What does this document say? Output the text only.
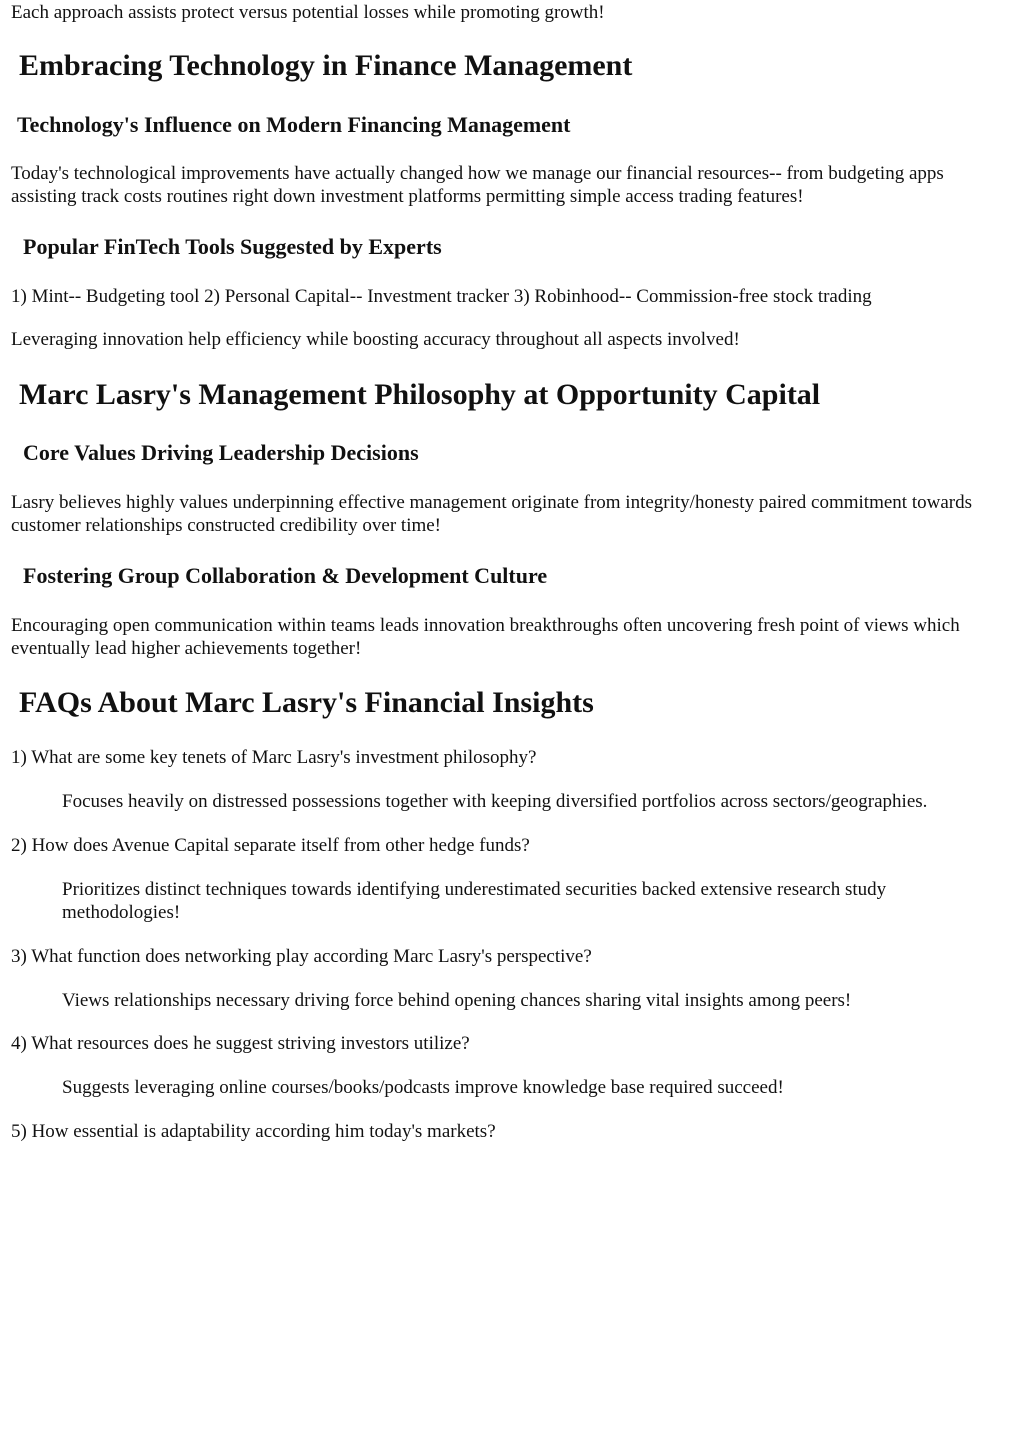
Each approach assists protect versus potential losses while promoting growth!

Embracing Technology in Finance Management
Technology's Influence on Modern Financing Management

Today's technological improvements have actually changed how we manage our financial resources-- from budgeting apps assisting track costs routines right down investment platforms permitting simple access trading features!

Popular FinTech Tools Suggested by Experts

1) Mint-- Budgeting tool 2) Personal Capital-- Investment tracker 3) Robinhood-- Commission-free stock trading

Leveraging innovation help efficiency while boosting accuracy throughout all aspects involved!

Marc Lasry's Management Philosophy at Opportunity Capital
Core Values Driving Leadership Decisions

Lasry believes highly values underpinning effective management originate from integrity/honesty paired commitment towards customer relationships constructed credibility over time!

Fostering Group Collaboration & Development Culture

Encouraging open communication within teams leads innovation breakthroughs often uncovering fresh point of views which eventually lead higher achievements together!

FAQs About Marc Lasry's Financial Insights

1) What are some key tenets of Marc Lasry's investment philosophy?

Focuses heavily on distressed possessions together with keeping diversified portfolios across sectors/geographies.

2) How does Avenue Capital separate itself from other hedge funds?

Prioritizes distinct techniques towards identifying underestimated securities backed extensive research study methodologies!

3) What function does networking play according Marc Lasry's perspective?

Views relationships necessary driving force behind opening chances sharing vital insights among peers!

4) What resources does he suggest striving investors utilize?

Suggests leveraging online courses/books/podcasts improve knowledge base required succeed!

5) How essential is adaptability according him today's markets?
